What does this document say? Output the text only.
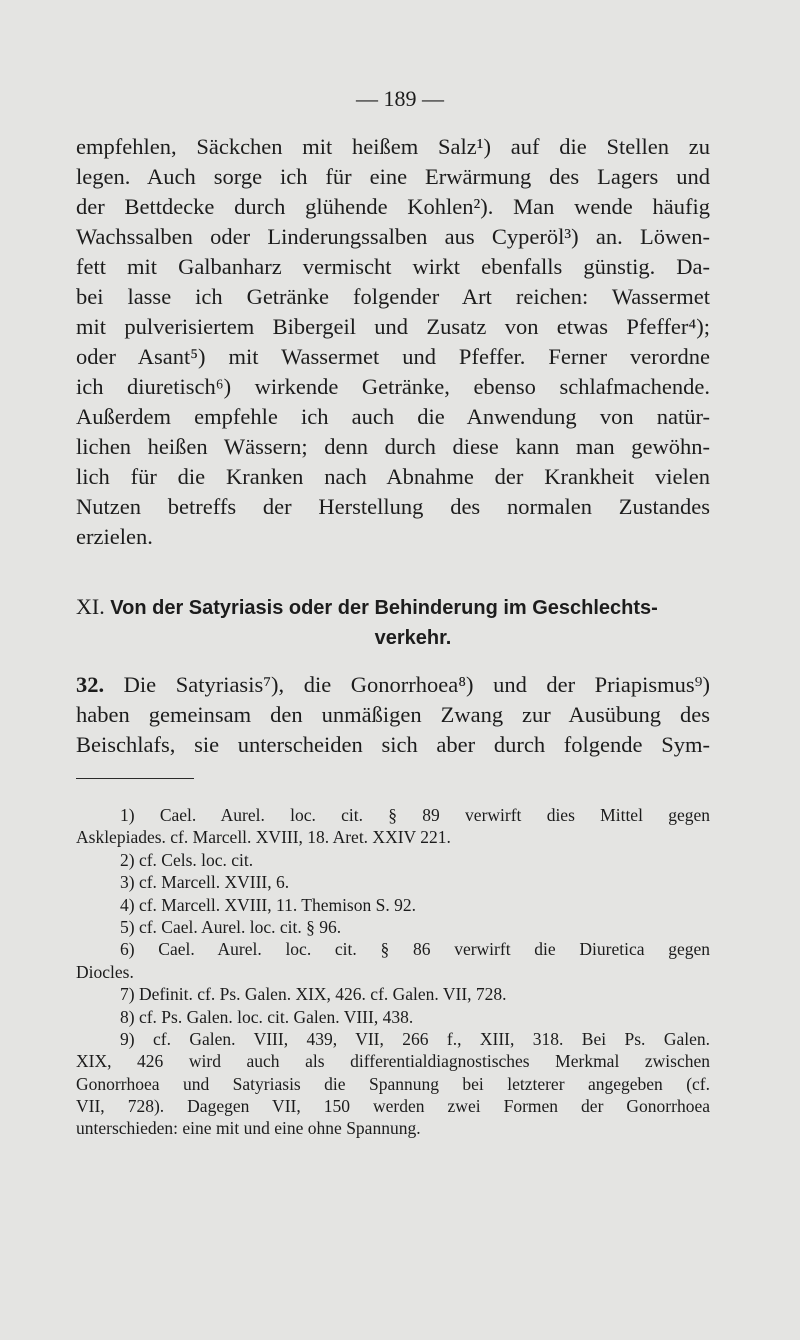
— 189 —
empfehlen, Säckchen mit heißem Salz¹) auf die Stellen zu
legen. Auch sorge ich für eine Erwärmung des Lagers und
der Bettdecke durch glühende Kohlen²). Man wende häufig
Wachssalben oder Linderungssalben aus Cyperöl³) an. Löwen-
fett mit Galbanharz vermischt wirkt ebenfalls günstig. Da-
bei lasse ich Getränke folgender Art reichen: Wassermet
mit pulverisiertem Bibergeil und Zusatz von etwas Pfeffer⁴);
oder Asant⁵) mit Wassermet und Pfeffer. Ferner verordne
ich diuretisch⁶) wirkende Getränke, ebenso schlafmachende.
Außerdem empfehle ich auch die Anwendung von natür-
lichen heißen Wässern; denn durch diese kann man gewöhn-
lich für die Kranken nach Abnahme der Krankheit vielen
Nutzen betreffs der Herstellung des normalen Zustandes
erzielen.
XI. Von der Satyriasis oder der Behinderung im Geschlechts-
verkehr.
32. Die Satyriasis⁷), die Gonorrhoea⁸) und der Priapismus⁹)
haben gemeinsam den unmäßigen Zwang zur Ausübung des
Beischlafs, sie unterscheiden sich aber durch folgende Sym-
1) Cael. Aurel. loc. cit. § 89 verwirft dies Mittel gegen
Asklepiades. cf. Marcell. XVIII, 18. Aret. XXIV 221.
2) cf. Cels. loc. cit.
3) cf. Marcell. XVIII, 6.
4) cf. Marcell. XVIII, 11. Themison S. 92.
5) cf. Cael. Aurel. loc. cit. § 96.
6) Cael. Aurel. loc. cit. § 86 verwirft die Diuretica gegen
Diocles.
7) Definit. cf. Ps. Galen. XIX, 426. cf. Galen. VII, 728.
8) cf. Ps. Galen. loc. cit. Galen. VIII, 438.
9) cf. Galen. VIII, 439, VII, 266 f., XIII, 318. Bei Ps. Galen.
XIX, 426 wird auch als differentialdiagnostisches Merkmal zwischen
Gonorrhoea und Satyriasis die Spannung bei letzterer angegeben (cf.
VII, 728). Dagegen VII, 150 werden zwei Formen der Gonorrhoea
unterschieden: eine mit und eine ohne Spannung.
